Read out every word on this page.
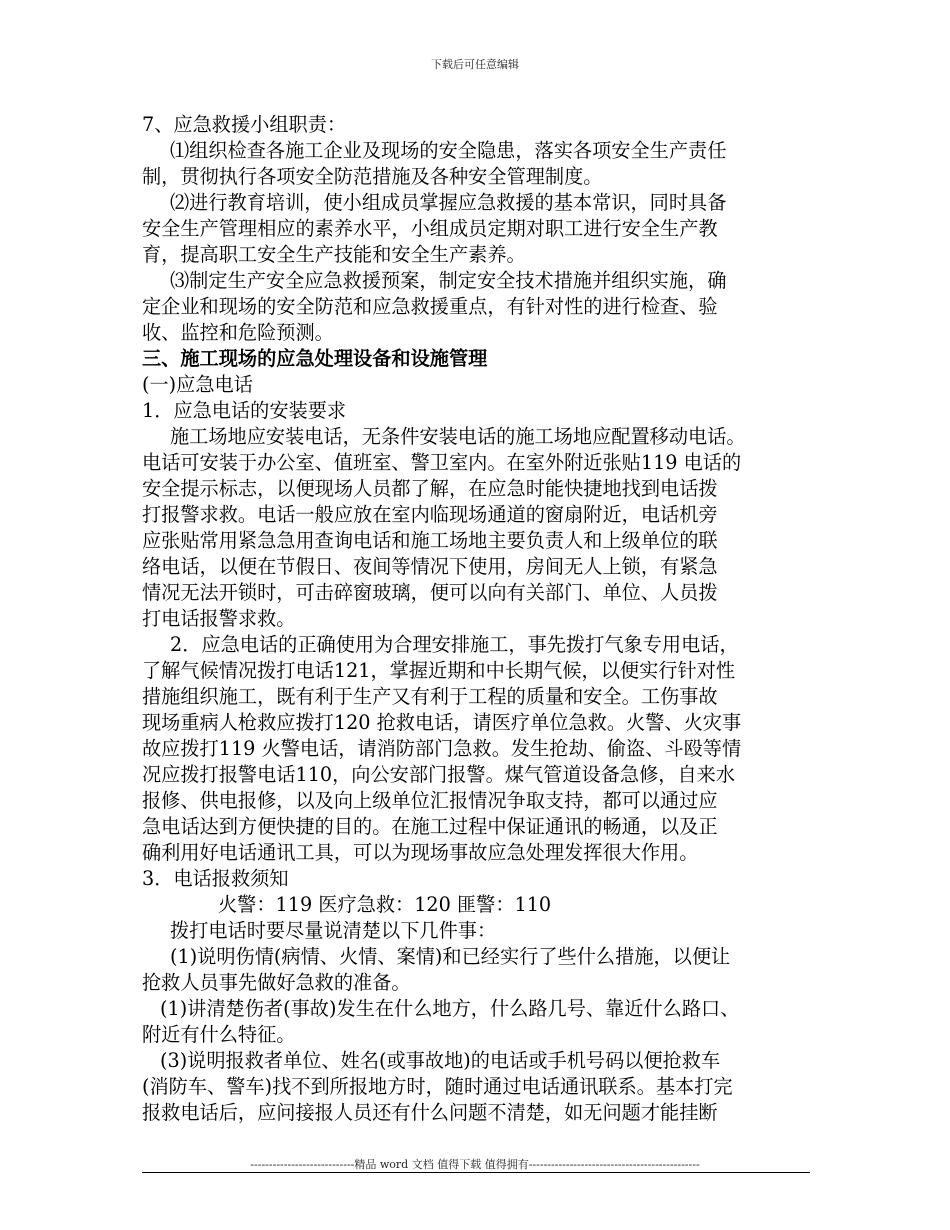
下载后可任意编辑
7、应急救援小组职责：
⑴组织检查各施工企业及现场的安全隐患，落实各项安全生产责任
制，贯彻执行各项安全防范措施及各种安全管理制度。
⑵进行教育培训，使小组成员掌握应急救援的基本常识，同时具备
安全生产管理相应的素养水平，小组成员定期对职工进行安全生产教
育，提高职工安全生产技能和安全生产素养。
⑶制定生产安全应急救援预案，制定安全技术措施并组织实施，确
定企业和现场的安全防范和应急救援重点，有针对性的进行检查、验
收、监控和危险预测。
三、施工现场的应急处理设备和设施管理
(一)应急电话
1．应急电话的安装要求
施工场地应安装电话，无条件安装电话的施工场地应配置移动电话。
电话可安装于办公室、值班室、警卫室内。在室外附近张贴119 电话的
安全提示标志，以便现场人员都了解，在应急时能快捷地找到电话拨
打报警求救。电话一般应放在室内临现场通道的窗扇附近，电话机旁
应张贴常用紧急急用查询电话和施工场地主要负责人和上级单位的联
络电话，以便在节假日、夜间等情况下使用，房间无人上锁，有紧急
情况无法开锁时，可击碎窗玻璃，便可以向有关部门、单位、人员拨
打电话报警求救。
2．应急电话的正确使用为合理安排施工，事先拨打气象专用电话，
了解气候情况拨打电话121，掌握近期和中长期气候，以便实行针对性
措施组织施工，既有利于生产又有利于工程的质量和安全。工伤事故
现场重病人枪救应拨打120 抢救电话，请医疗单位急救。火警、火灾事
故应拨打119 火警电话，请消防部门急救。发生抢劫、偷盗、斗殴等情
况应拨打报警电话110，向公安部门报警。煤气管道设备急修，自来水
报修、供电报修，以及向上级单位汇报情况争取支持，都可以通过应
急电话达到方便快捷的目的。在施工过程中保证通讯的畅通，以及正
确利用好电话通讯工具，可以为现场事故应急处理发挥很大作用。
3．电话报救须知
火警：119 医疗急救：120 匪警：110
拨打电话时要尽量说清楚以下几件事：
(1)说明伤情(病情、火情、案情)和已经实行了些什么措施，以便让
抢救人员事先做好急救的准备。
(1)讲清楚伤者(事故)发生在什么地方，什么路几号、靠近什么路口、
附近有什么特征。
(3)说明报救者单位、姓名(或事故地)的电话或手机号码以便抢救车
(消防车、警车)找不到所报地方时，随时通过电话通讯联系。基本打完
报救电话后，应问接报人员还有什么问题不清楚，如无问题才能挂断
----------------------------精品 word 文档 值得下载 值得拥有----------------------------------------------
